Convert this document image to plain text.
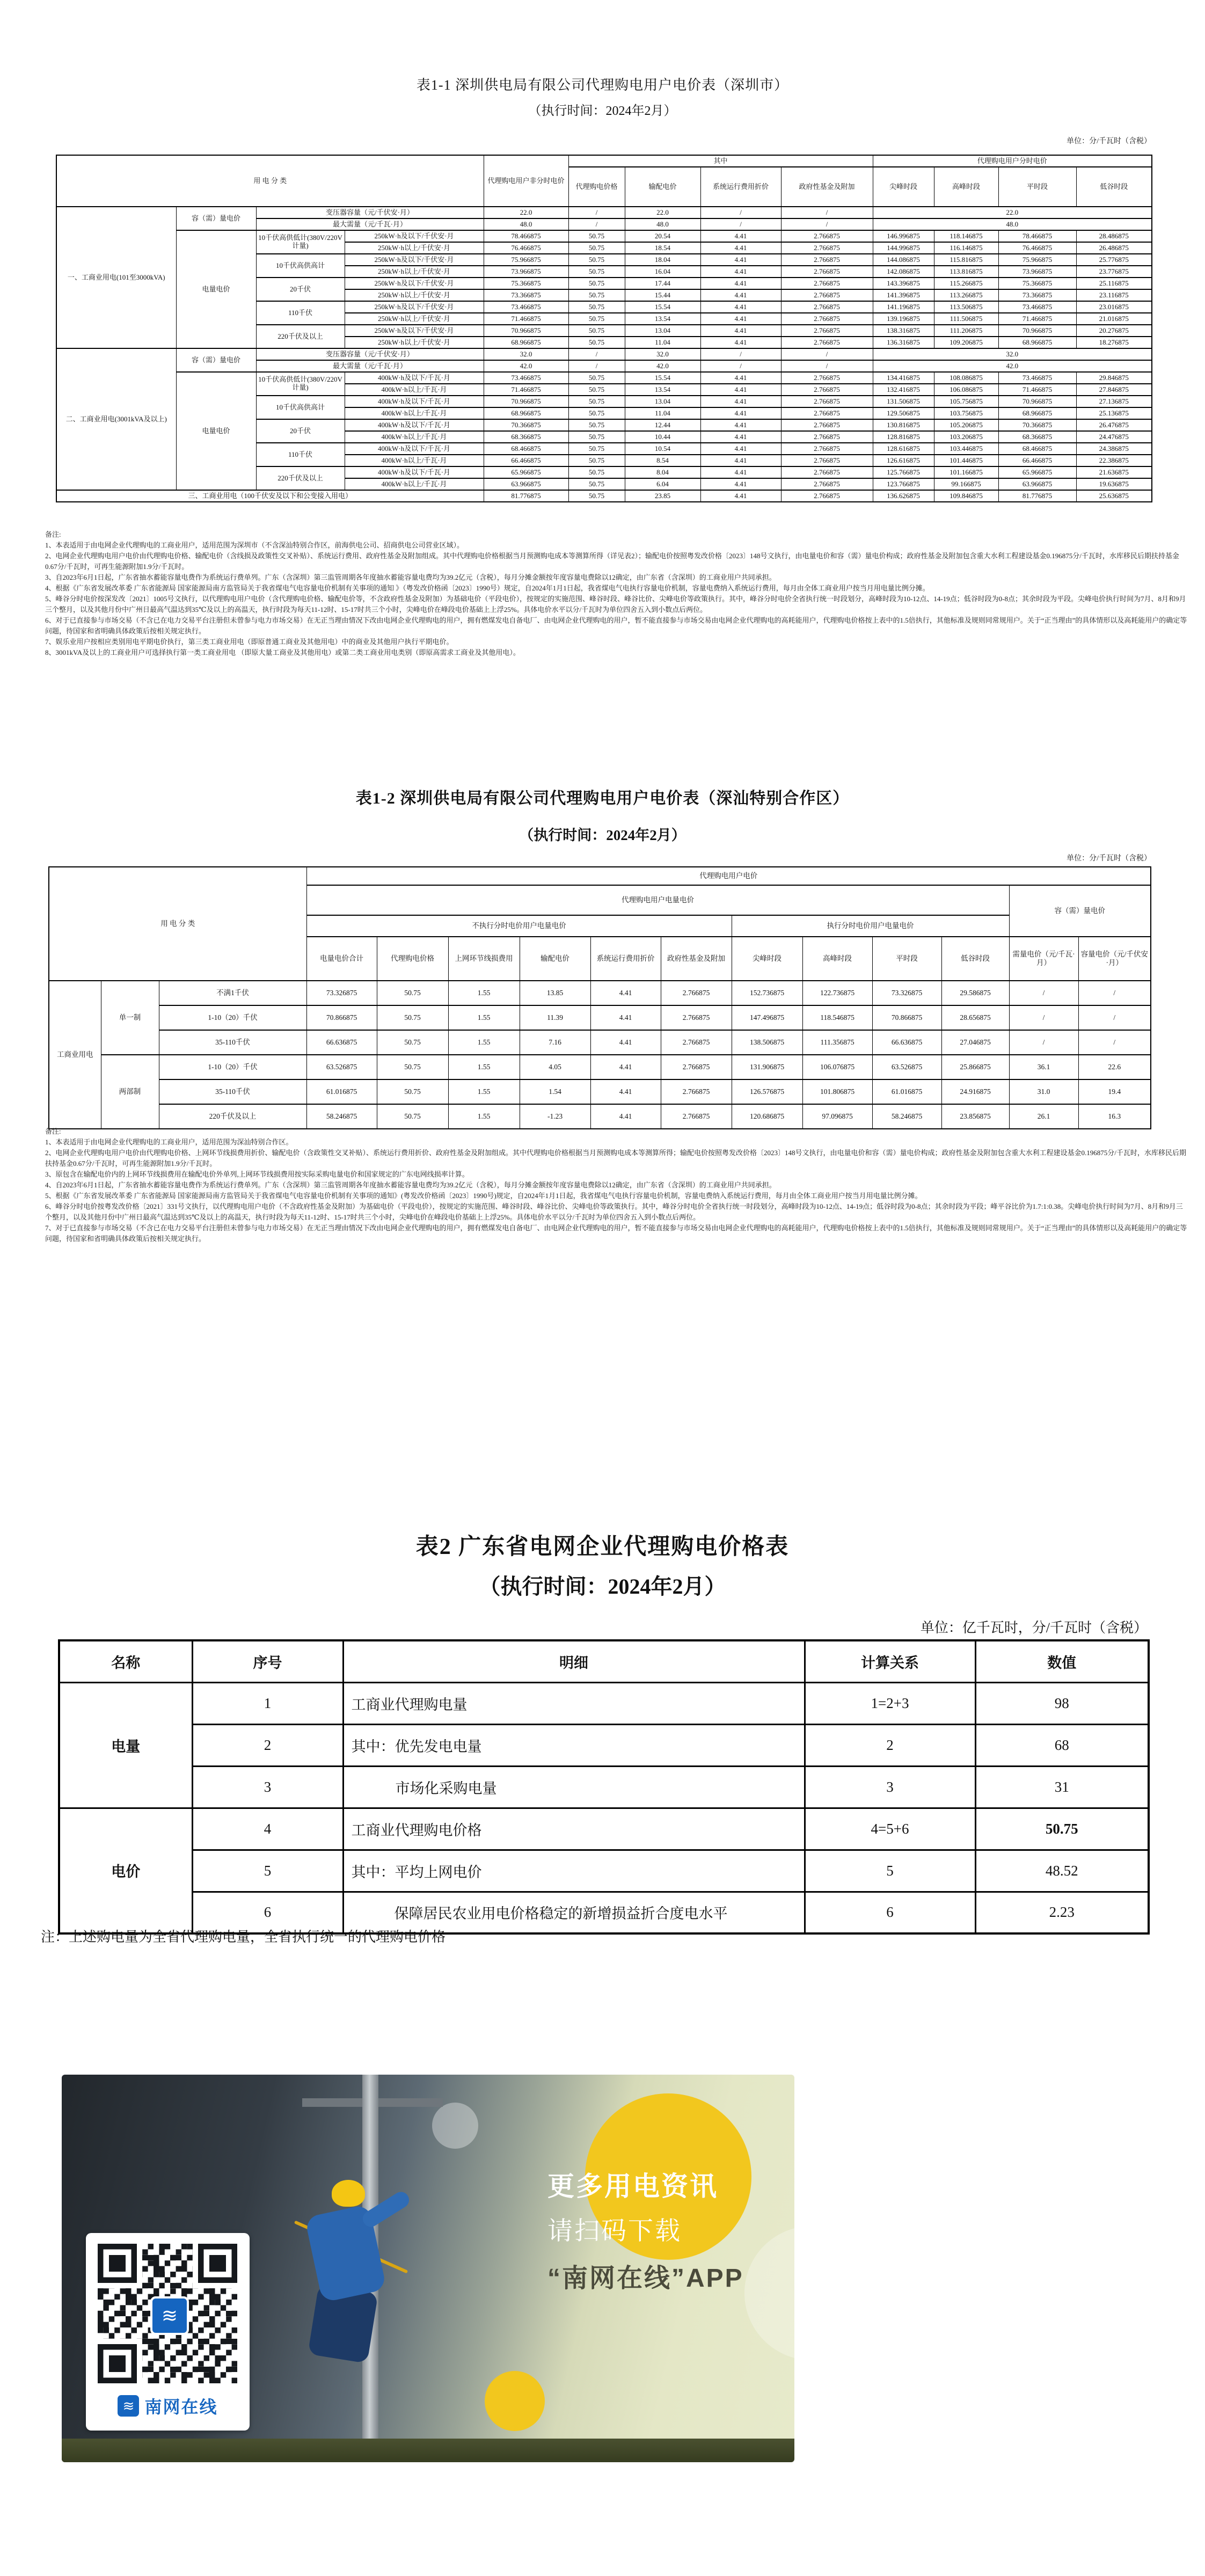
表1-1 深圳供电局有限公司代理购电用户电价表（深圳市）
（执行时间：2024年2月）
单位：分/千瓦时（含税）
用 电 分 类				代理购电用户非分时电价	其中				代理购电用户分时电价			
					代理购电价格	输配电价	系统运行费用折价	政府性基金及附加	尖峰时段	高峰时段	平时段	低谷时段
一、工商业用电(101至3000kVA)	容（需）量电价	变压器容量（元/千伏安·月）		22.0	/	22.0	/	/	22.0			
		最大需量（元/千瓦·月）		48.0	/	48.0	/	/	48.0			
	电量电价	10千伏高供低计(380V/220V计量)	250kW·h及以下/千伏安·月	78.466875	50.75	20.54	4.41	2.766875	146.996875	118.146875	78.466875	28.486875
			250kW·h以上/千伏安·月	76.466875	50.75	18.54	4.41	2.766875	144.996875	116.146875	76.466875	26.486875
		10千伏高供高计	250kW·h及以下/千伏安·月	75.966875	50.75	18.04	4.41	2.766875	144.086875	115.816875	75.966875	25.776875
			250kW·h以上/千伏安·月	73.966875	50.75	16.04	4.41	2.766875	142.086875	113.816875	73.966875	23.776875
		20千伏	250kW·h及以下/千伏安·月	75.366875	50.75	17.44	4.41	2.766875	143.396875	115.266875	75.366875	25.116875
			250kW·h以上/千伏安·月	73.366875	50.75	15.44	4.41	2.766875	141.396875	113.266875	73.366875	23.116875
		110千伏	250kW·h及以下/千伏安·月	73.466875	50.75	15.54	4.41	2.766875	141.196875	113.506875	73.466875	23.016875
			250kW·h以上/千伏安·月	71.466875	50.75	13.54	4.41	2.766875	139.196875	111.506875	71.466875	21.016875
		220千伏及以上	250kW·h及以下/千伏安·月	70.966875	50.75	13.04	4.41	2.766875	138.316875	111.206875	70.966875	20.276875
			250kW·h以上/千伏安·月	68.966875	50.75	11.04	4.41	2.766875	136.316875	109.206875	68.966875	18.276875
二、工商业用电(3001kVA及以上)	容（需）量电价	变压器容量（元/千伏安·月）		32.0	/	32.0	/	/	32.0			
		最大需量（元/千瓦·月）		42.0	/	42.0	/	/	42.0			
	电量电价	10千伏高供低计(380V/220V计量)	400kW·h及以下/千瓦·月	73.466875	50.75	15.54	4.41	2.766875	134.416875	108.086875	73.466875	29.846875
			400kW·h以上/千瓦·月	71.466875	50.75	13.54	4.41	2.766875	132.416875	106.086875	71.466875	27.846875
		10千伏高供高计	400kW·h及以下/千瓦·月	70.966875	50.75	13.04	4.41	2.766875	131.506875	105.756875	70.966875	27.136875
			400kW·h以上/千瓦·月	68.966875	50.75	11.04	4.41	2.766875	129.506875	103.756875	68.966875	25.136875
		20千伏	400kW·h及以下/千瓦·月	70.366875	50.75	12.44	4.41	2.766875	130.816875	105.206875	70.366875	26.476875
			400kW·h以上/千瓦·月	68.366875	50.75	10.44	4.41	2.766875	128.816875	103.206875	68.366875	24.476875
		110千伏	400kW·h及以下/千瓦·月	68.466875	50.75	10.54	4.41	2.766875	128.616875	103.446875	68.466875	24.386875
			400kW·h以上/千瓦·月	66.466875	50.75	8.54	4.41	2.766875	126.616875	101.446875	66.466875	22.386875
		220千伏及以上	400kW·h及以下/千瓦·月	65.966875	50.75	8.04	4.41	2.766875	125.766875	101.166875	65.966875	21.636875
			400kW·h以上/千瓦·月	63.966875	50.75	6.04	4.41	2.766875	123.766875	99.166875	63.966875	19.636875
三、工商业用电（100千伏安及以下和公变接入用电）				81.776875	50.75	23.85	4.41	2.766875	136.626875	109.846875	81.776875	25.636875
备注:
1、本表适用于由电网企业代理购电的工商业用户，适用范围为深圳市（不含深汕特别合作区，前海供电公司、招商供电公司营业区域）。
2、电网企业代理购电用户电价由代理购电价格、输配电价（含线损及政策性交叉补贴）、系统运行费用、政府性基金及附加组成。其中代理购电价格根据当月预测购电成本等测算所得（详见表2）；输配电价按照粤发改价格〔2023〕148号文执行，由电量电价和容（需）量电价构成；政府性基金及附加包含重大水利工程建设基金0.196875分/千瓦时，水库移民后期扶持基金0.67分/千瓦时，可再生能源附加1.9分/千瓦时。
3、自2023年6月1日起，广东省抽水蓄能容量电费作为系统运行费单列。广东（含深圳）第三监管周期各年度抽水蓄能容量电费均为39.2亿元（含税），每月分摊金额按年度容量电费除以12确定，由广东省（含深圳）的工商业用户共同承担。
4、根据《广东省发展改革委 广东省能源局 国家能源局南方监管局关于我省煤电气电容量电价机制有关事项的通知 》（粤发改价格函〔2023〕1990号）规定，自2024年1月1日起，我省煤电气电执行容量电价机制，容量电费纳入系统运行费用，每月由全体工商业用户按当月用电量比例分摊。
5、峰谷分时电价按深发改〔2021〕1005号文执行，以代理购电用户电价（含代理购电价格、输配电价等，不含政府性基金及附加）为基础电价（平段电价），按规定的实施范围、峰谷时段、峰谷比价、尖峰电价等政策执行。其中，峰谷分时电价全省执行统一时段划分，高峰时段为10-12点、14-19点；低谷时段为0-8点；其余时段为平段。尖峰电价执行时间为7月、8月和9月三个整月，以及其他月份中广州日最高气温达到35℃及以上的高温天，执行时段为每天11-12时、15-17时共三个小时，尖峰电价在峰段电价基础上上浮25%。具体电价水平以分/千瓦时为单位四舍五入到小数点后两位。
6、对于已直接参与市场交易（不含已在电力交易平台注册但未曾参与电力市场交易）在无正当理由情况下改由电网企业代理购电的用户，拥有燃煤发电自备电厂、由电网企业代理购电的用户，暂不能直接参与市场交易由电网企业代理购电的高耗能用户，代理购电价格按上表中的1.5倍执行，其他标准及规则同常规用户。关于“正当理由”的具体情形以及高耗能用户的确定等问题，待国家和省明确具体政策后按相关规定执行。
7、娱乐业用户按相应类别用电平期电价执行，第三类工商业用电（即原普通工商业及其他用电）中的商业及其他用户执行平期电价。
8、3001kVA及以上的工商业用户可选择执行第一类工商业用电 （即原大量工商业及其他用电）或第二类工商业用电类别（即原高需求工商业及其他用电）。
表1-2 深圳供电局有限公司代理购电用户电价表（深汕特别合作区）
（执行时间：2024年2月）
单位：分/千瓦时（含税）
用 电 分 类			代理购电用户电价											
			代理购电用户电量电价										容（需）量电价	
			不执行分时电价用户电量电价						执行分时电价用户电量电价					
			电量电价合计	代理购电价格	上网环节线损费用	输配电价	系统运行费用折价	政府性基金及附加	尖峰时段	高峰时段	平时段	低谷时段	需量电价（元/千瓦·月）	容量电价（元/千伏安·月）
工商业用电	单一制	不满1千伏	73.326875	50.75	1.55	13.85	4.41	2.766875	152.736875	122.736875	73.326875	29.586875	/	/
		1-10（20）千伏	70.866875	50.75	1.55	11.39	4.41	2.766875	147.496875	118.546875	70.866875	28.656875	/	/
		35-110千伏	66.636875	50.75	1.55	7.16	4.41	2.766875	138.506875	111.356875	66.636875	27.046875	/	/
	两部制	1-10（20）千伏	63.526875	50.75	1.55	4.05	4.41	2.766875	131.906875	106.076875	63.526875	25.866875	36.1	22.6
		35-110千伏	61.016875	50.75	1.55	1.54	4.41	2.766875	126.576875	101.806875	61.016875	24.916875	31.0	19.4
		220千伏及以上	58.246875	50.75	1.55	-1.23	4.41	2.766875	120.686875	97.096875	58.246875	23.856875	26.1	16.3
备注:
1、本表适用于由电网企业代理购电的工商业用户，适用范围为深汕特别合作区。
2、电网企业代理购电用户电价由代理购电价格、上网环节线损费用折价、输配电价（含政策性交叉补贴）、系统运行费用折价、政府性基金及附加组成。其中代理购电价格根据当月预测购电成本等测算所得；输配电价按照粤发改价格〔2023〕148号文执行，由电量电价和容（需）量电价构成；政府性基金及附加包含重大水利工程建设基金0.196875分/千瓦时，水库移民后期扶持基金0.67分/千瓦时，可再生能源附加1.9分/千瓦时。
3、原包含在输配电价内的上网环节线损费用在输配电价外单列,上网环节线损费用按实际采购电量电价和国家规定的广东电网线损率计算。
4、自2023年6月1日起，广东省抽水蓄能容量电费作为系统运行费单列。广东（含深圳）第三监管周期各年度抽水蓄能容量电费均为39.2亿元（含税），每月分摊金额按年度容量电费除以12确定，由广东省（含深圳）的工商业用户共同承担。
5、根据《广东省发展改革委 广东省能源局 国家能源局南方监管局关于我省煤电气电容量电价机制有关事项的通知》(粤发改价格函〔2023〕1990号)规定，自2024年1月1日起，我省煤电气电执行容量电价机制，容量电费纳入系统运行费用，每月由全体工商业用户按当月用电量比例分摊。
6、峰谷分时电价按粤发改价格〔2021〕331号文执行，以代理购电用户电价（不含政府性基金及附加）为基础电价（平段电价），按规定的实施范围、峰谷时段、峰谷比价、尖峰电价等政策执行。其中，峰谷分时电价全省执行统一时段划分，高峰时段为10-12点、14-19点；低谷时段为0-8点；其余时段为平段；峰平谷比价为1.7:1:0.38。尖峰电价执行时间为7月、8月和9月三个整月，以及其他月份中广州日最高气温达到35℃及以上的高温天，执行时段为每天11-12时、15-17时共三个小时，尖峰电价在峰段电价基础上上浮25%。具体电价水平以分/千瓦时为单位四舍五入到小数点后两位。
7、对于已直接参与市场交易（不含已在电力交易平台注册但未曾参与电力市场交易）在无正当理由情况下改由电网企业代理购电的用户，拥有燃煤发电自备电厂、由电网企业代理购电的用户，暂不能直接参与市场交易由电网企业代理购电的高耗能用户，代理购电价格按上表中的1.5倍执行，其他标准及规则同常规用户。关于“正当理由”的具体情形以及高耗能用户的确定等问题，待国家和省明确具体政策后按相关规定执行。
表2 广东省电网企业代理购电价格表
（执行时间：2024年2月）
单位：亿千瓦时，分/千瓦时（含税）
名称	序号	明细	计算关系	数值
电量	1	工商业代理购电量	1=2+3	98
	2	其中：优先发电电量	2	68
	3	市场化采购电量	3	31
电价	4	工商业代理购电价格	4=5+6	50.75
	5	其中：平均上网电价	5	48.52
	6	保障居民农业用电价格稳定的新增损益折合度电水平	6	2.23
注：上述购电量为全省代理购电量，全省执行统一的代理购电价格
≋
≋ 南网在线
更多用电资讯
请扫码下载
“南网在线”APP
